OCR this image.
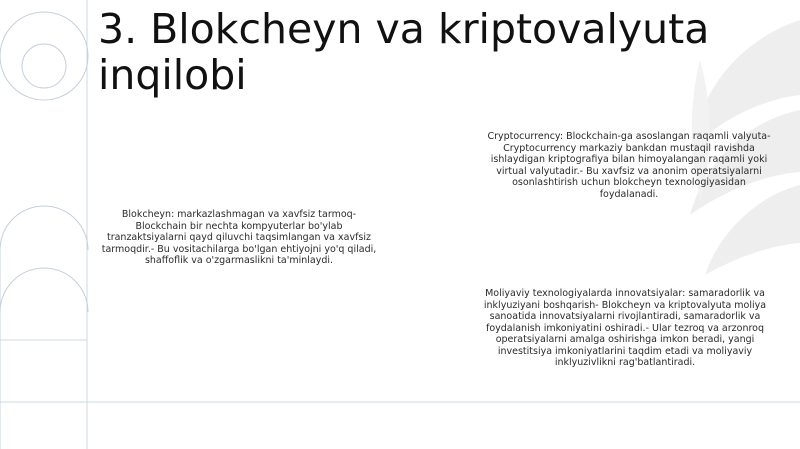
3. Blokcheyn va kriptovalyuta inqilobi

Blokcheyn: markazlashmagan va xavfsiz tarmoq- Blockchain bir nechta kompyuterlar bo'ylab tranzaktsiyalarni qayd qiluvchi taqsimlangan va xavfsiz tarmoqdir.- Bu vositachilarga bo'lgan ehtiyojni yo'q qiladi, shaffoflik va o'zgarmaslikni ta'minlaydi.

Cryptocurrency: Blockchain-ga asoslangan raqamli valyuta- Cryptocurrency markaziy bankdan mustaqil ravishda ishlaydigan kriptografiya bilan himoyalangan raqamli yoki virtual valyutadir.- Bu xavfsiz va anonim operatsiyalarni osonlashtirish uchun blokcheyn texnologiyasidan foydalanadi.

Moliyaviy texnologiyalarda innovatsiyalar: samaradorlik va inklyuziyani boshqarish- Blokcheyn va kriptovalyuta moliya sanoatida innovatsiyalarni rivojlantiradi, samaradorlik va foydalanish imkoniyatini oshiradi.- Ular tezroq va arzonroq operatsiyalarni amalga oshirishga imkon beradi, yangi investitsiya imkoniyatlarini taqdim etadi va moliyaviy inklyuzivlikni rag'batlantiradi.
